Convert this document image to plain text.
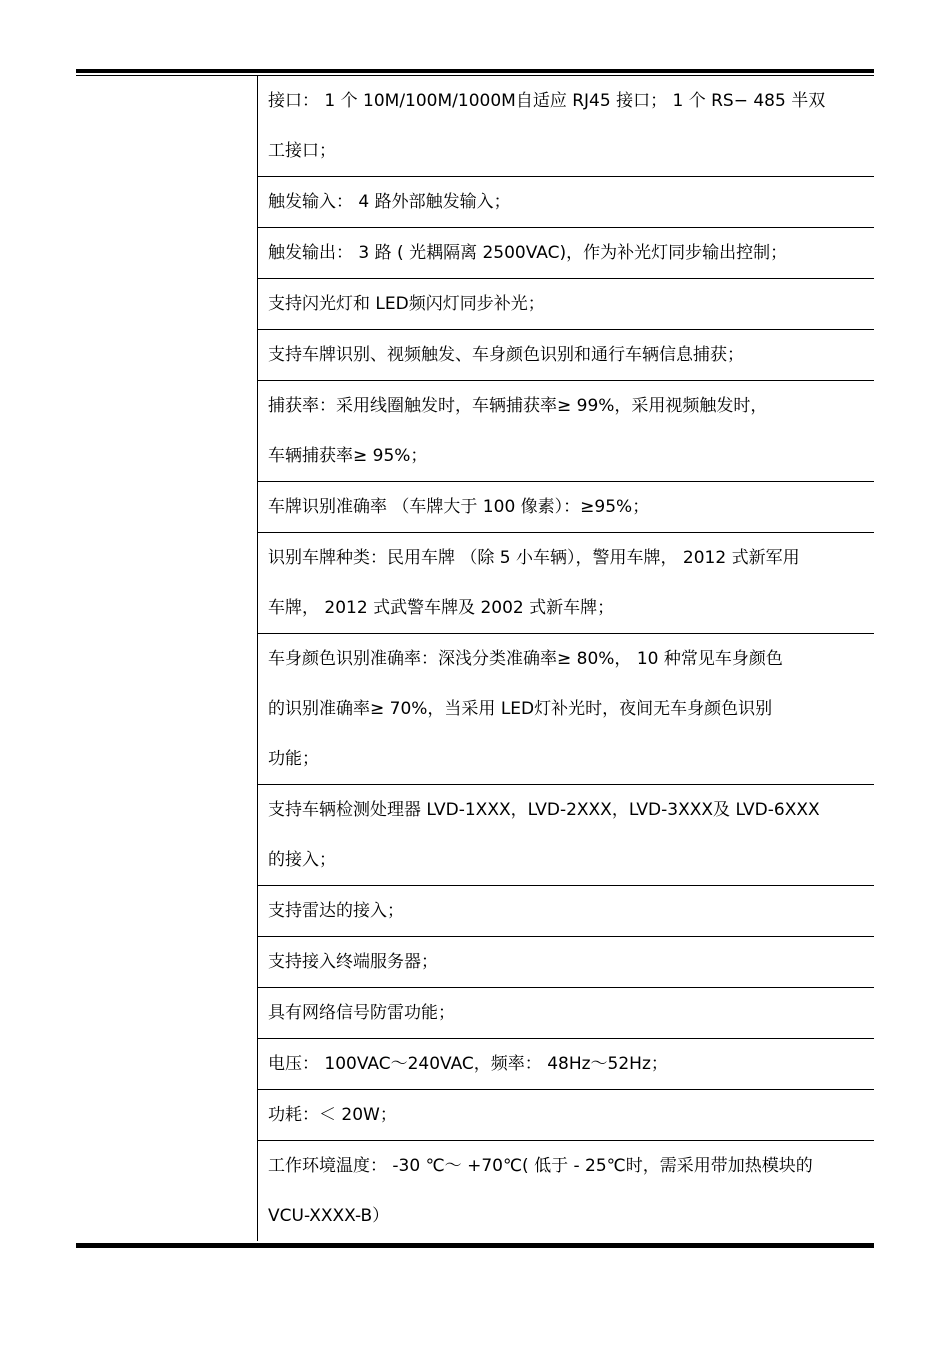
接口： 1 个 10M/100M/1000M自适应 RJ45 接口； 1 个 RS− 485 半双
工接口；
触发输入： 4 路外部触发输入；
触发输出： 3 路 ( 光耦隔离 2500VAC)，作为补光灯同步输出控制；
支持闪光灯和 LED频闪灯同步补光；
支持车牌识别、视频触发、车身颜色识别和通行车辆信息捕获；
捕获率：采用线圈触发时，车辆捕获率≥ 99%，采用视频触发时，
车辆捕获率≥ 95%；
车牌识别准确率 （车牌大于 100 像素）：≥95%；
识别车牌种类：民用车牌 （除 5 小车辆），警用车牌， 2012 式新军用
车牌， 2012 式武警车牌及 2002 式新车牌；
车身颜色识别准确率：深浅分类准确率≥ 80%， 10 种常见车身颜色
的识别准确率≥ 70%，当采用 LED灯补光时，夜间无车身颜色识别
功能；
支持车辆检测处理器 LVD-1XXX，LVD-2XXX，LVD-3XXX及 LVD-6XXX
的接入；
支持雷达的接入；
支持接入终端服务器；
具有网络信号防雷功能；
电压： 100VAC～240VAC，频率： 48Hz～52Hz；
功耗：＜ 20W；
工作环境温度： -30 ℃～ +70℃( 低于 - 25℃时，需采用带加热模块的
VCU-XXXX-B）
